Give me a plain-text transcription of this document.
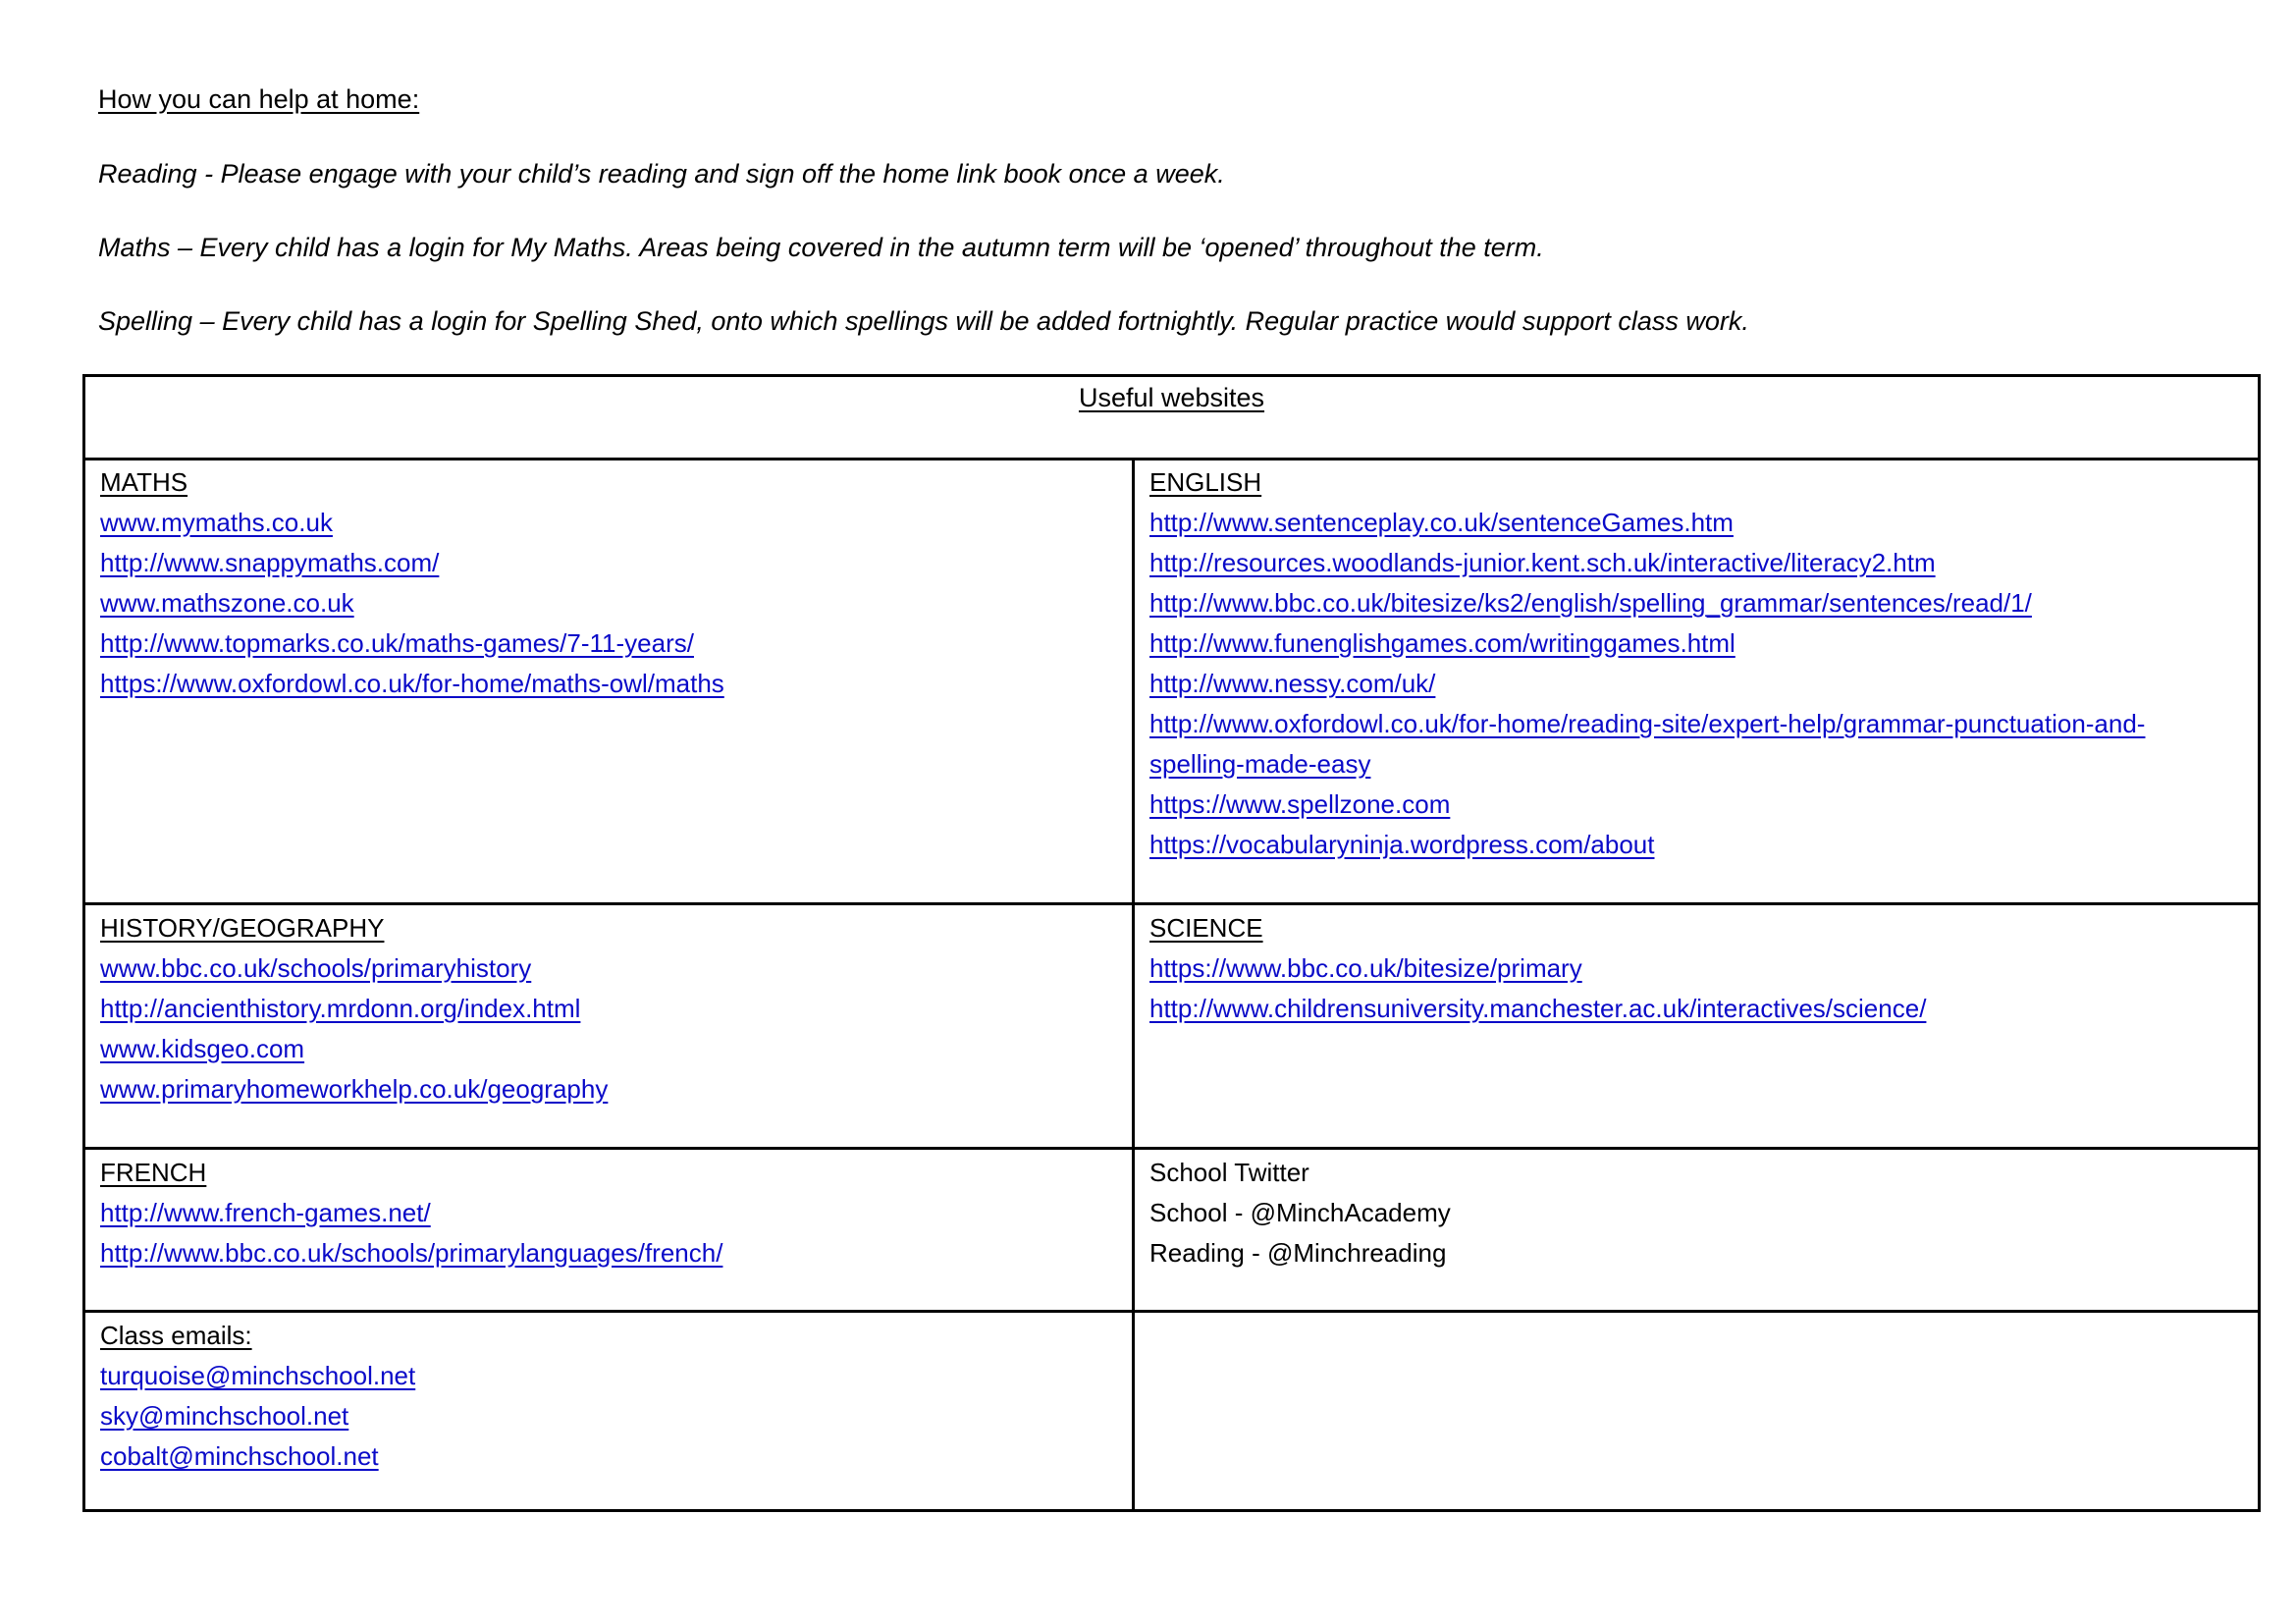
How you can help at home:
Reading - Please engage with your child’s reading and sign off the home link book once a week.
Maths – Every child has a login for My Maths. Areas being covered in the autumn term will be ‘opened’ throughout the term.
Spelling – Every child has a login for Spelling Shed, onto which spellings will be added fortnightly. Regular practice would support class work.
Useful websites
MATHS
www.mymaths.co.uk
http://www.snappymaths.com/
www.mathszone.co.uk
http://www.topmarks.co.uk/maths-games/7-11-years/
https://www.oxfordowl.co.uk/for-home/maths-owl/maths
ENGLISH
http://www.sentenceplay.co.uk/sentenceGames.htm
http://resources.woodlands-junior.kent.sch.uk/interactive/literacy2.htm
http://www.bbc.co.uk/bitesize/ks2/english/spelling_grammar/sentences/read/1/
http://www.funenglishgames.com/writinggames.html
http://www.nessy.com/uk/
http://www.oxfordowl.co.uk/for-home/reading-site/expert-help/grammar-punctuation-and-spelling-made-easy
https://www.spellzone.com
https://vocabularyninja.wordpress.com/about
HISTORY/GEOGRAPHY
www.bbc.co.uk/schools/primaryhistory
http://ancienthistory.mrdonn.org/index.html
www.kidsgeo.com
www.primaryhomeworkhelp.co.uk/geography
SCIENCE
https://www.bbc.co.uk/bitesize/primary
http://www.childrensuniversity.manchester.ac.uk/interactives/science/
FRENCH
http://www.french-games.net/
http://www.bbc.co.uk/schools/primarylanguages/french/
School Twitter
School - @MinchAcademy
Reading - @Minchreading
Class emails:
turquoise@minchschool.net
sky@minchschool.net
cobalt@minchschool.net
